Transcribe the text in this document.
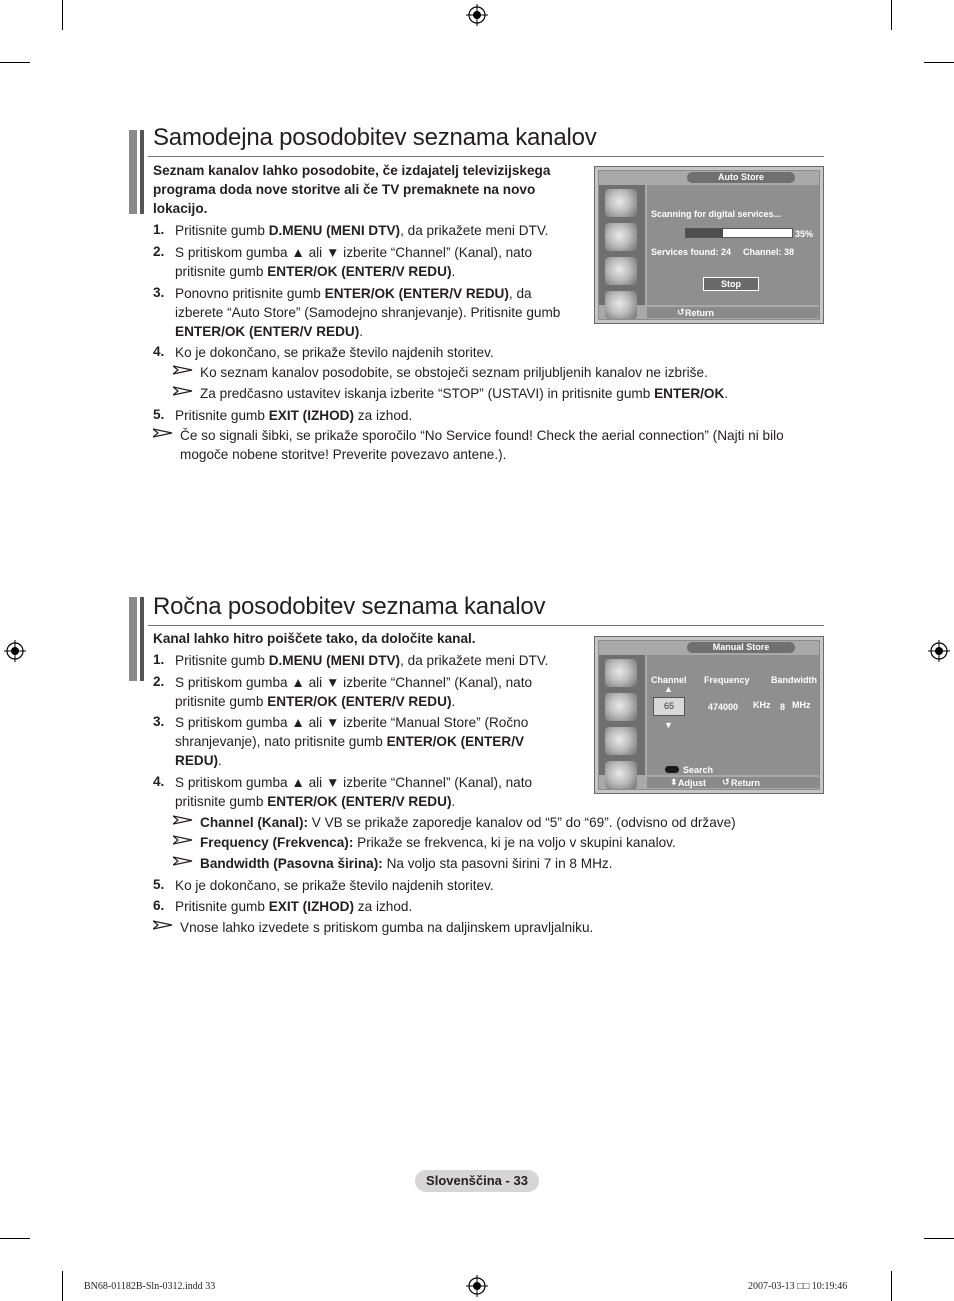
Samodejna posodobitev seznama kanalov
Seznam kanalov lahko posodobite, če izdajatelj televizijskega programa doda nove storitve ali če TV premaknete na novo lokacijo.
1. Pritisnite gumb D.MENU (MENI DTV), da prikažete meni DTV.
2. S pritiskom gumba ▲ ali ▼ izberite “Channel” (Kanal), nato pritisnite gumb ENTER/OK (ENTER/V REDU).
3. Ponovno pritisnite gumb ENTER/OK (ENTER/V REDU), da izberete “Auto Store” (Samodejno shranjevanje). Pritisnite gumb ENTER/OK (ENTER/V REDU).
4. Ko je dokončano, se prikaže število najdenih storitev.
Ko seznam kanalov posodobite, se obstoječi seznam priljubljenih kanalov ne izbriše.
Za predčasno ustavitev iskanja izberite “STOP” (USTAVI) in pritisnite gumb ENTER/OK.
5. Pritisnite gumb EXIT (IZHOD) za izhod.
Če so signali šibki, se prikaže sporočilo “No Service found! Check the aerial connection” (Najti ni bilo mogoče nobene storitve! Preverite povezavo antene.).
Auto Store
Scanning for digital services...
35%
Services found: 24 Channel: 38
Stop
↺ Return
Ročna posodobitev seznama kanalov
Kanal lahko hitro poiščete tako, da določite kanal.
1. Pritisnite gumb D.MENU (MENI DTV), da prikažete meni DTV.
2. S pritiskom gumba ▲ ali ▼ izberite “Channel” (Kanal), nato pritisnite gumb ENTER/OK (ENTER/V REDU).
3. S pritiskom gumba ▲ ali ▼ izberite “Manual Store” (Ročno shranjevanje), nato pritisnite gumb ENTER/OK (ENTER/V REDU).
4. S pritiskom gumba ▲ ali ▼ izberite “Channel” (Kanal), nato pritisnite gumb ENTER/OK (ENTER/V REDU).
Channel (Kanal): V VB se prikaže zaporedje kanalov od “5” do “69”. (odvisno od države)
Frequency (Frekvenca): Prikaže se frekvenca, ki je na voljo v skupini kanalov.
Bandwidth (Pasovna širina): Na voljo sta pasovni širini 7 in 8 MHz.
5. Ko je dokončano, se prikaže število najdenih storitev.
6. Pritisnite gumb EXIT (IZHOD) za izhod.
Vnose lahko izvedete s pritiskom gumba na daljinskem upravljalniku.
Manual Store
Channel Frequency Bandwidth
▲
65
▼
474000 KHz 8 MHz
Search
⬍ Adjust ↺ Return
Slovenščina - 33
BN68-01182B-Sln-0312.indd 33	2007-03-13 □□ 10:19:46
